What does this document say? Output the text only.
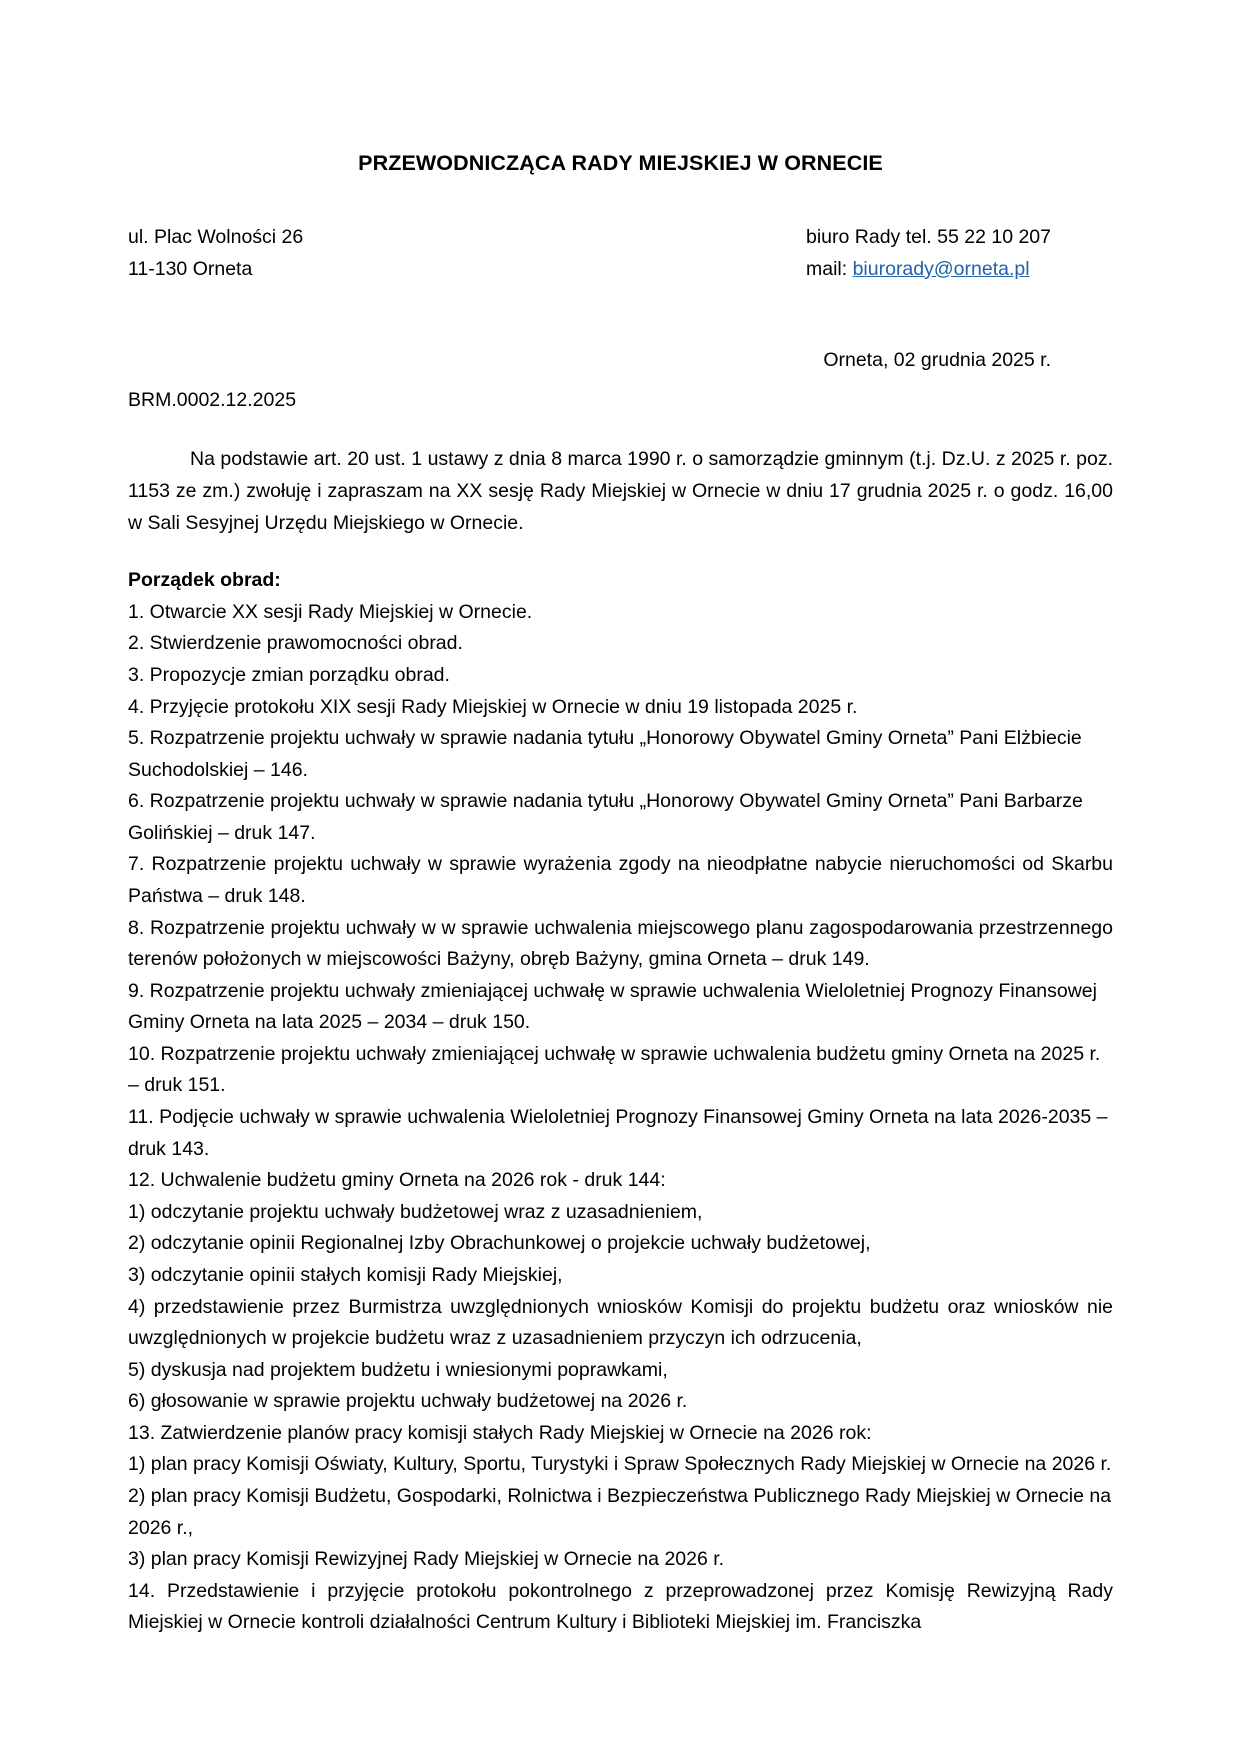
PRZEWODNICZĄCA RADY MIEJSKIEJ W ORNECIE
ul. Plac Wolności 26
11-130 Orneta
biuro Rady tel. 55 22 10 207
mail: biurorady@orneta.pl
Orneta, 02 grudnia 2025 r.
BRM.0002.12.2025

Na podstawie art. 20 ust. 1 ustawy z dnia 8 marca 1990 r. o samorządzie gminnym (t.j. Dz.U. z 2025 r. poz. 1153 ze zm.) zwołuję i zapraszam na XX sesję Rady Miejskiej w Ornecie w dniu 17 grudnia 2025 r. o godz. 16,00 w Sali Sesyjnej Urzędu Miejskiego w Ornecie.

Porządek obrad:
1. Otwarcie XX sesji Rady Miejskiej w Ornecie.
2. Stwierdzenie prawomocności obrad.
3. Propozycje zmian porządku obrad.
4. Przyjęcie protokołu XIX sesji Rady Miejskiej w Ornecie w dniu 19 listopada 2025 r.
5. Rozpatrzenie projektu uchwały w sprawie nadania tytułu „Honorowy Obywatel Gminy Orneta” Pani Elżbiecie Suchodolskiej – 146.
6. Rozpatrzenie projektu uchwały w sprawie nadania tytułu „Honorowy Obywatel Gminy Orneta” Pani Barbarze Golińskiej – druk 147.
7. Rozpatrzenie projektu uchwały w sprawie wyrażenia zgody na nieodpłatne nabycie nieruchomości od Skarbu Państwa – druk 148.
8. Rozpatrzenie projektu uchwały w w sprawie uchwalenia miejscowego planu zagospodarowania przestrzennego terenów położonych w miejscowości Bażyny, obręb Bażyny, gmina Orneta – druk 149.
9. Rozpatrzenie projektu uchwały zmieniającej uchwałę w sprawie uchwalenia Wieloletniej Prognozy Finansowej Gminy Orneta na lata 2025 – 2034 – druk 150.
10. Rozpatrzenie projektu uchwały zmieniającej uchwałę w sprawie uchwalenia budżetu gminy Orneta na 2025 r. – druk 151.
11. Podjęcie uchwały w sprawie uchwalenia Wieloletniej Prognozy Finansowej Gminy Orneta na lata 2026-2035 – druk 143.
12. Uchwalenie budżetu gminy Orneta na 2026 rok - druk 144:
1) odczytanie projektu uchwały budżetowej wraz z uzasadnieniem,
2) odczytanie opinii Regionalnej Izby Obrachunkowej o projekcie uchwały budżetowej,
3) odczytanie opinii stałych komisji Rady Miejskiej,
4) przedstawienie przez Burmistrza uwzględnionych wniosków Komisji do projektu budżetu oraz wniosków nie uwzględnionych w projekcie budżetu wraz z uzasadnieniem przyczyn ich odrzucenia,
5) dyskusja nad projektem budżetu i wniesionymi poprawkami,
6) głosowanie w sprawie projektu uchwały budżetowej na 2026 r.
13. Zatwierdzenie planów pracy komisji stałych Rady Miejskiej w Ornecie na 2026 rok:
1) plan pracy Komisji Oświaty, Kultury, Sportu, Turystyki i Spraw Społecznych Rady Miejskiej w Ornecie na 2026 r.
2) plan pracy Komisji Budżetu, Gospodarki, Rolnictwa i Bezpieczeństwa Publicznego Rady Miejskiej w Ornecie na 2026 r.,
3) plan pracy Komisji Rewizyjnej Rady Miejskiej w Ornecie na 2026 r.
14. Przedstawienie i przyjęcie protokołu pokontrolnego z przeprowadzonej przez Komisję Rewizyjną Rady Miejskiej w Ornecie kontroli działalności Centrum Kultury i Biblioteki Miejskiej im. Franciszka
